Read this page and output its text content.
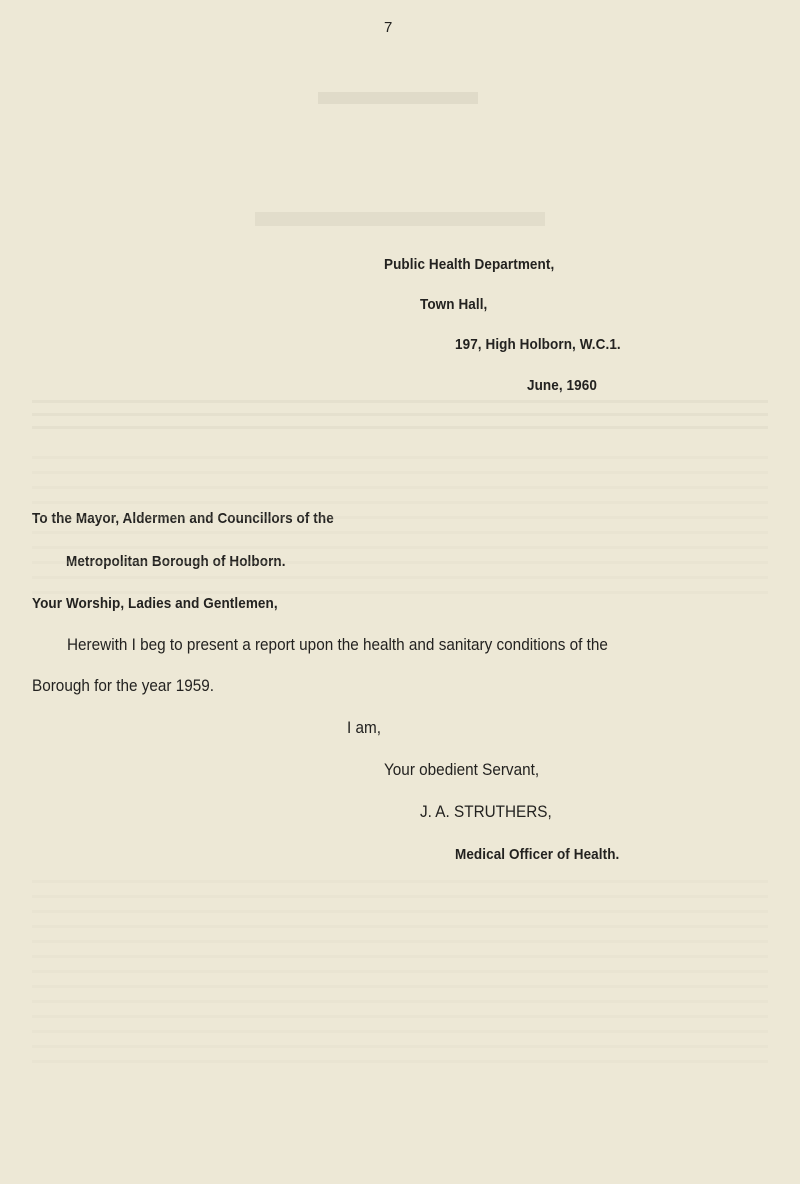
7

Public Health Department,

Town Hall,

197, High Holborn, W.C.1.

June, 1960

To the Mayor, Aldermen and Councillors of the

Metropolitan Borough of Holborn.

Your Worship, Ladies and Gentlemen,

Herewith I beg to present a report upon the health and sanitary conditions of the

Borough for the year 1959.

I am,

Your obedient Servant,

J. A. STRUTHERS,

Medical Officer of Health.
